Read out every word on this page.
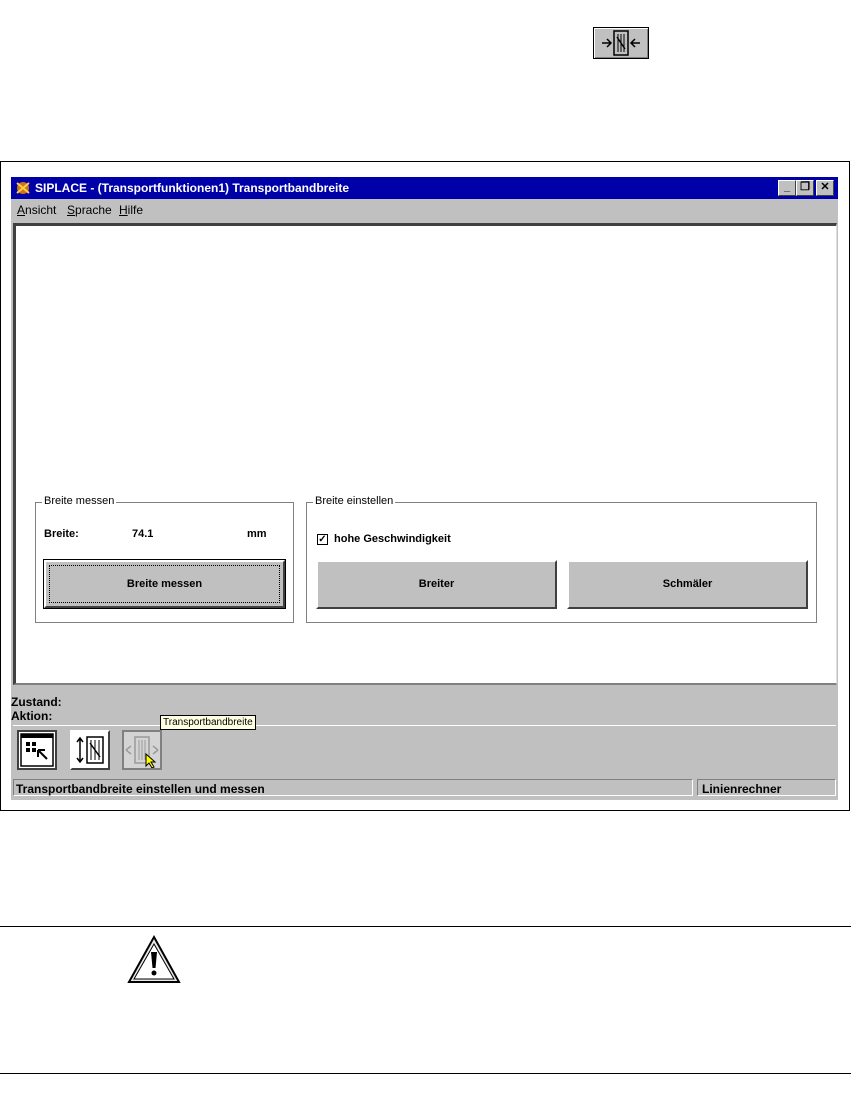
SIPLACE - (Transportfunktionen1) Transportbandbreite	_ ❐ ✕
Ansicht Sprache Hilfe
Breite messen
Breite:	74.1	mm
Breite messen
Breite einstellen
✓ hohe Geschwindigkeit
Breiter	Schmäler
Zustand:
Aktion:	Transportbandbreite
Transportbandbreite einstellen und messen	Linienrechner
